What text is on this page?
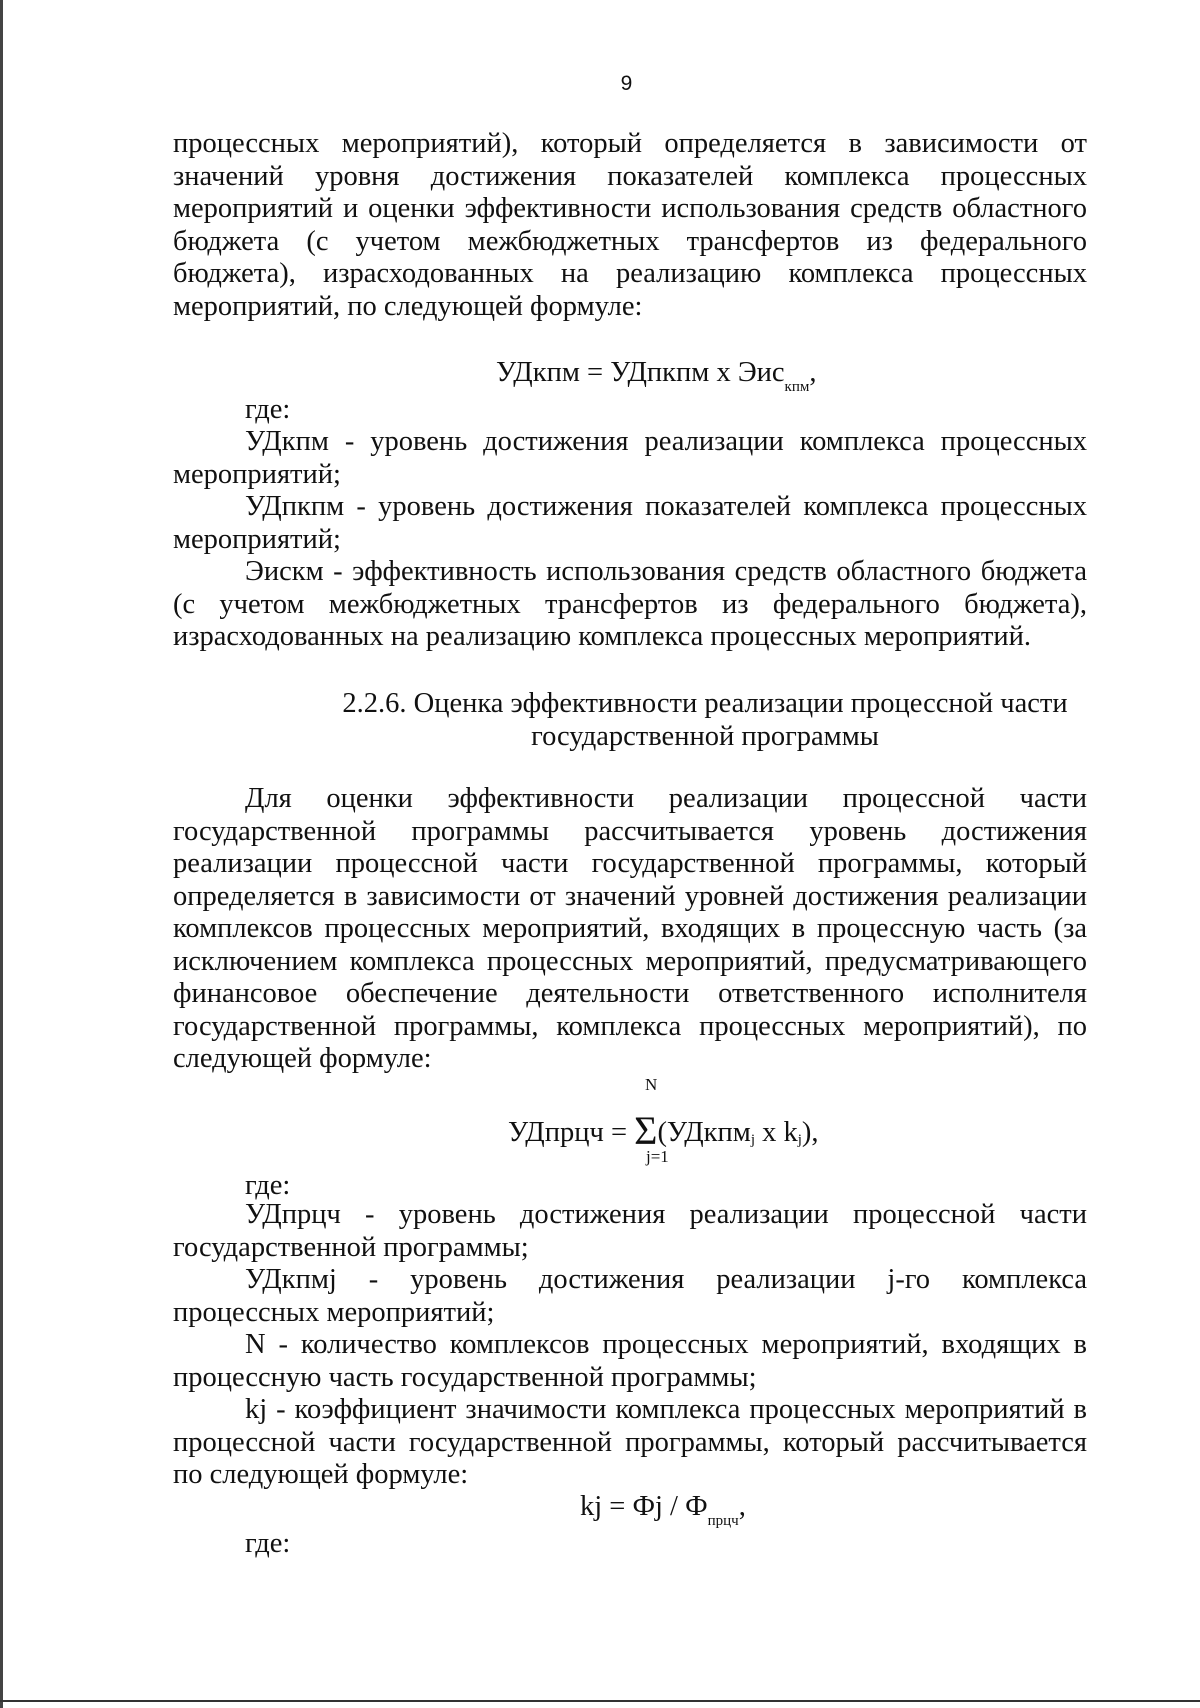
9
процессных мероприятий), который определяется в зависимости от значений уровня достижения показателей комплекса процессных мероприятий и оценки эффективности использования средств областного бюджета (с учетом межбюджетных трансфертов из федерального бюджета), израсходованных на реализацию комплекса процессных мероприятий, по следующей формуле:
УДкпм = УДпкпм x Эис$_{кпм}$,
где:

УДкпм - уровень достижения реализации комплекса процессных мероприятий;

УДпкпм - уровень достижения показателей комплекса процессных мероприятий;

Эискм - эффективность использования средств областного бюджета (с учетом межбюджетных трансфертов из федерального бюджета), израсходованных на реализацию комплекса процессных мероприятий.

2.2.6. Оценка эффективности реализации процессной части
государственной программы
Для оценки эффективности реализации процессной части государственной программы рассчитывается уровень достижения реализации процессной части государственной программы, который определяется в зависимости от значений уровней достижения реализации комплексов процессных мероприятий, входящих в процессную часть (за исключением комплекса процессных мероприятий, предусматривающего финансовое обеспечение деятельности ответственного исполнителя государственной программы, комплекса процессных мероприятий), по следующей формуле:
N
УДпрцч = Σ(УДкпмj x kj),
j=1
где:

УДпрцч - уровень достижения реализации процессной части государственной программы;

УДкпмj - уровень достижения реализации j-го комплекса процессных мероприятий;

N - количество комплексов процессных мероприятий, входящих в процессную часть государственной программы;

kj - коэффициент значимости комплекса процессных мероприятий в процессной части государственной программы, который рассчитывается по следующей формуле:

kj = Фj / $Ф_{прцч}$,
где:
